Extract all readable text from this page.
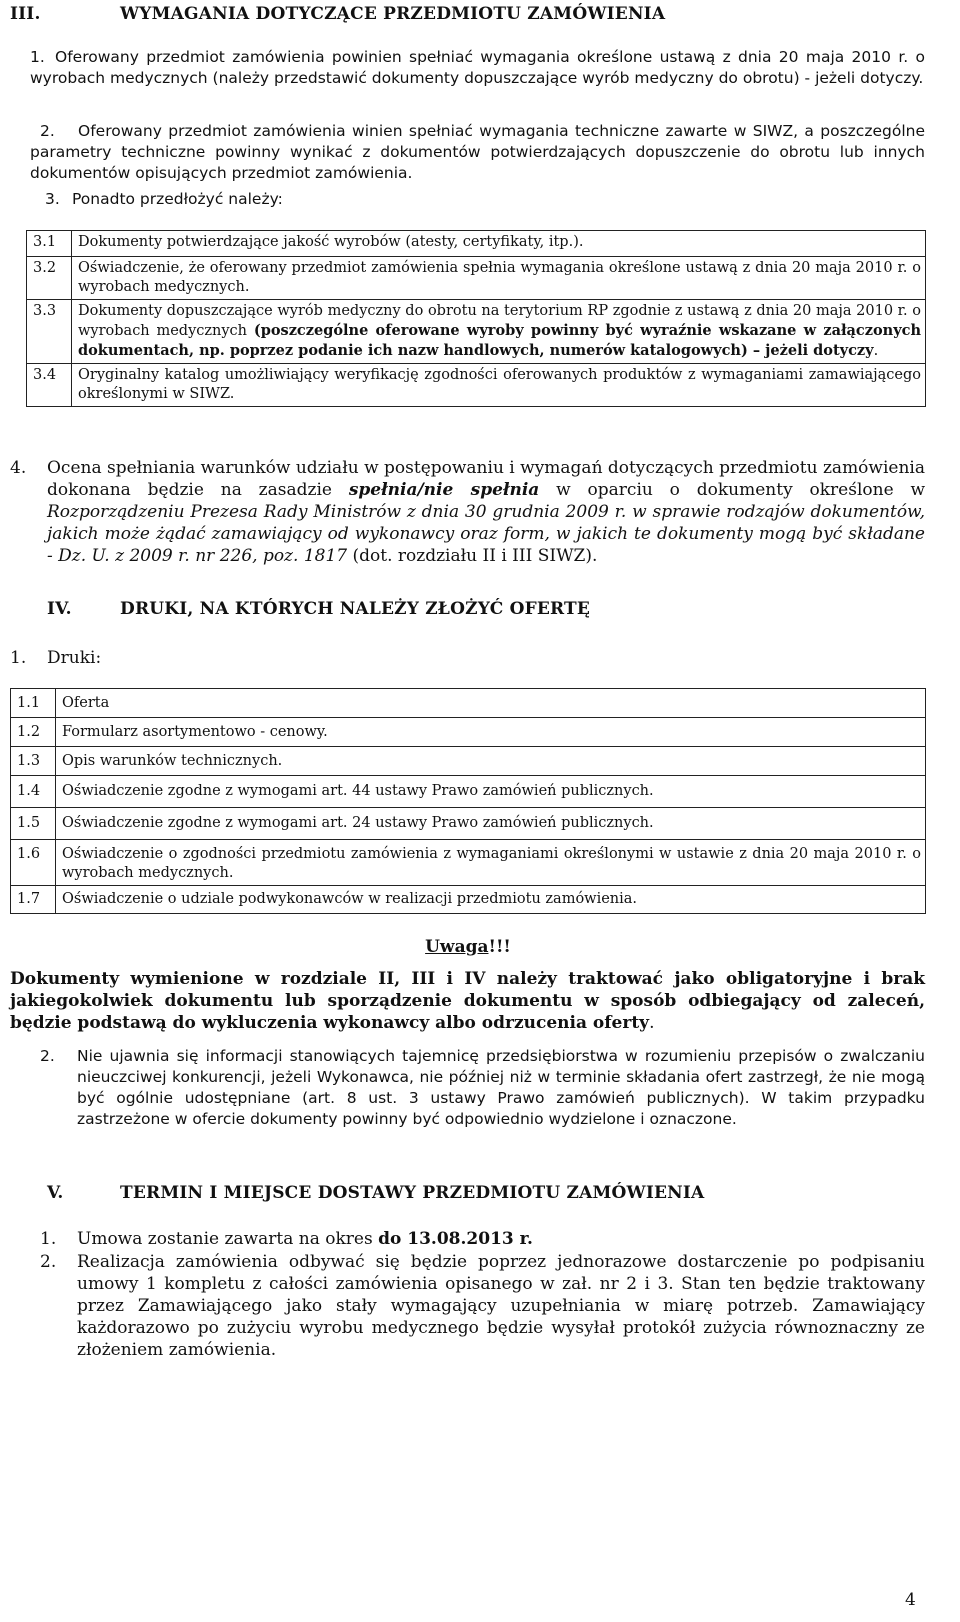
III.	WYMAGANIA DOTYCZĄCE PRZEDMIOTU ZAMÓWIENIA
1. Oferowany przedmiot zamówienia powinien spełniać wymagania określone ustawą z dnia 20 maja 2010 r. o wyrobach medycznych (należy przedstawić dokumenty dopuszczające wyrób medyczny do obrotu) - jeżeli dotyczy.
2. Oferowany przedmiot zamówienia winien spełniać wymagania techniczne zawarte w SIWZ, a poszczególne parametry techniczne powinny wynikać z dokumentów potwierdzających dopuszczenie do obrotu lub innych dokumentów opisujących przedmiot zamówienia.
3. Ponadto przedłożyć należy:
3.1	Dokumenty potwierdzające jakość wyrobów (atesty, certyfikaty, itp.).
3.2	Oświadczenie, że oferowany przedmiot zamówienia spełnia wymagania określone ustawą z dnia 20 maja 2010 r. o wyrobach medycznych.
3.3	Dokumenty dopuszczające wyrób medyczny do obrotu na terytorium RP zgodnie z ustawą z dnia 20 maja 2010 r. o wyrobach medycznych (poszczególne oferowane wyroby powinny być wyraźnie wskazane w załączonych dokumentach, np. poprzez podanie ich nazw handlowych, numerów katalogowych) – jeżeli dotyczy.
3.4	Oryginalny katalog umożliwiający weryfikację zgodności oferowanych produktów z wymaganiami zamawiającego określonymi w SIWZ.
4. Ocena spełniania warunków udziału w postępowaniu i wymagań dotyczących przedmiotu zamówienia dokonana będzie na zasadzie spełnia/nie spełnia w oparciu o dokumenty określone w Rozporządzeniu Prezesa Rady Ministrów z dnia 30 grudnia 2009 r. w sprawie rodzajów dokumentów, jakich może żądać zamawiający od wykonawcy oraz form, w jakich te dokumenty mogą być składane - Dz. U. z 2009 r. nr 226, poz. 1817 (dot. rozdziału II i III SIWZ).
IV.	DRUKI, NA KTÓRYCH NALEŻY ZŁOŻYĆ OFERTĘ
1. Druki:
1.1	Oferta
1.2	Formularz asortymentowo - cenowy.
1.3	Opis warunków technicznych.
1.4	Oświadczenie zgodne z wymogami art. 44 ustawy Prawo zamówień publicznych.
1.5	Oświadczenie zgodne z wymogami art. 24 ustawy Prawo zamówień publicznych.
1.6	Oświadczenie o zgodności przedmiotu zamówienia z wymaganiami określonymi w ustawie z dnia 20 maja 2010 r. o wyrobach medycznych.
1.7	Oświadczenie o udziale podwykonawców w realizacji przedmiotu zamówienia.
Uwaga!!!
Dokumenty wymienione w rozdziale II, III i IV należy traktować jako obligatoryjne i brak jakiegokolwiek dokumentu lub sporządzenie dokumentu w sposób odbiegający od zaleceń, będzie podstawą do wykluczenia wykonawcy albo odrzucenia oferty.
2. Nie ujawnia się informacji stanowiących tajemnicę przedsiębiorstwa w rozumieniu przepisów o zwalczaniu nieuczciwej konkurencji, jeżeli Wykonawca, nie później niż w terminie składania ofert zastrzegł, że nie mogą być ogólnie udostępniane (art. 8 ust. 3 ustawy Prawo zamówień publicznych). W takim przypadku zastrzeżone w ofercie dokumenty powinny być odpowiednio wydzielone i oznaczone.
V.	TERMIN I MIEJSCE DOSTAWY PRZEDMIOTU ZAMÓWIENIA
1. Umowa zostanie zawarta na okres do 13.08.2013 r.
2. Realizacja zamówienia odbywać się będzie poprzez jednorazowe dostarczenie po podpisaniu umowy 1 kompletu z całości zamówienia opisanego w zał. nr 2 i 3. Stan ten będzie traktowany przez Zamawiającego jako stały wymagający uzupełniania w miarę potrzeb. Zamawiający każdorazowo po zużyciu wyrobu medycznego będzie wysyłał protokół zużycia równoznaczny ze złożeniem zamówienia.
4
